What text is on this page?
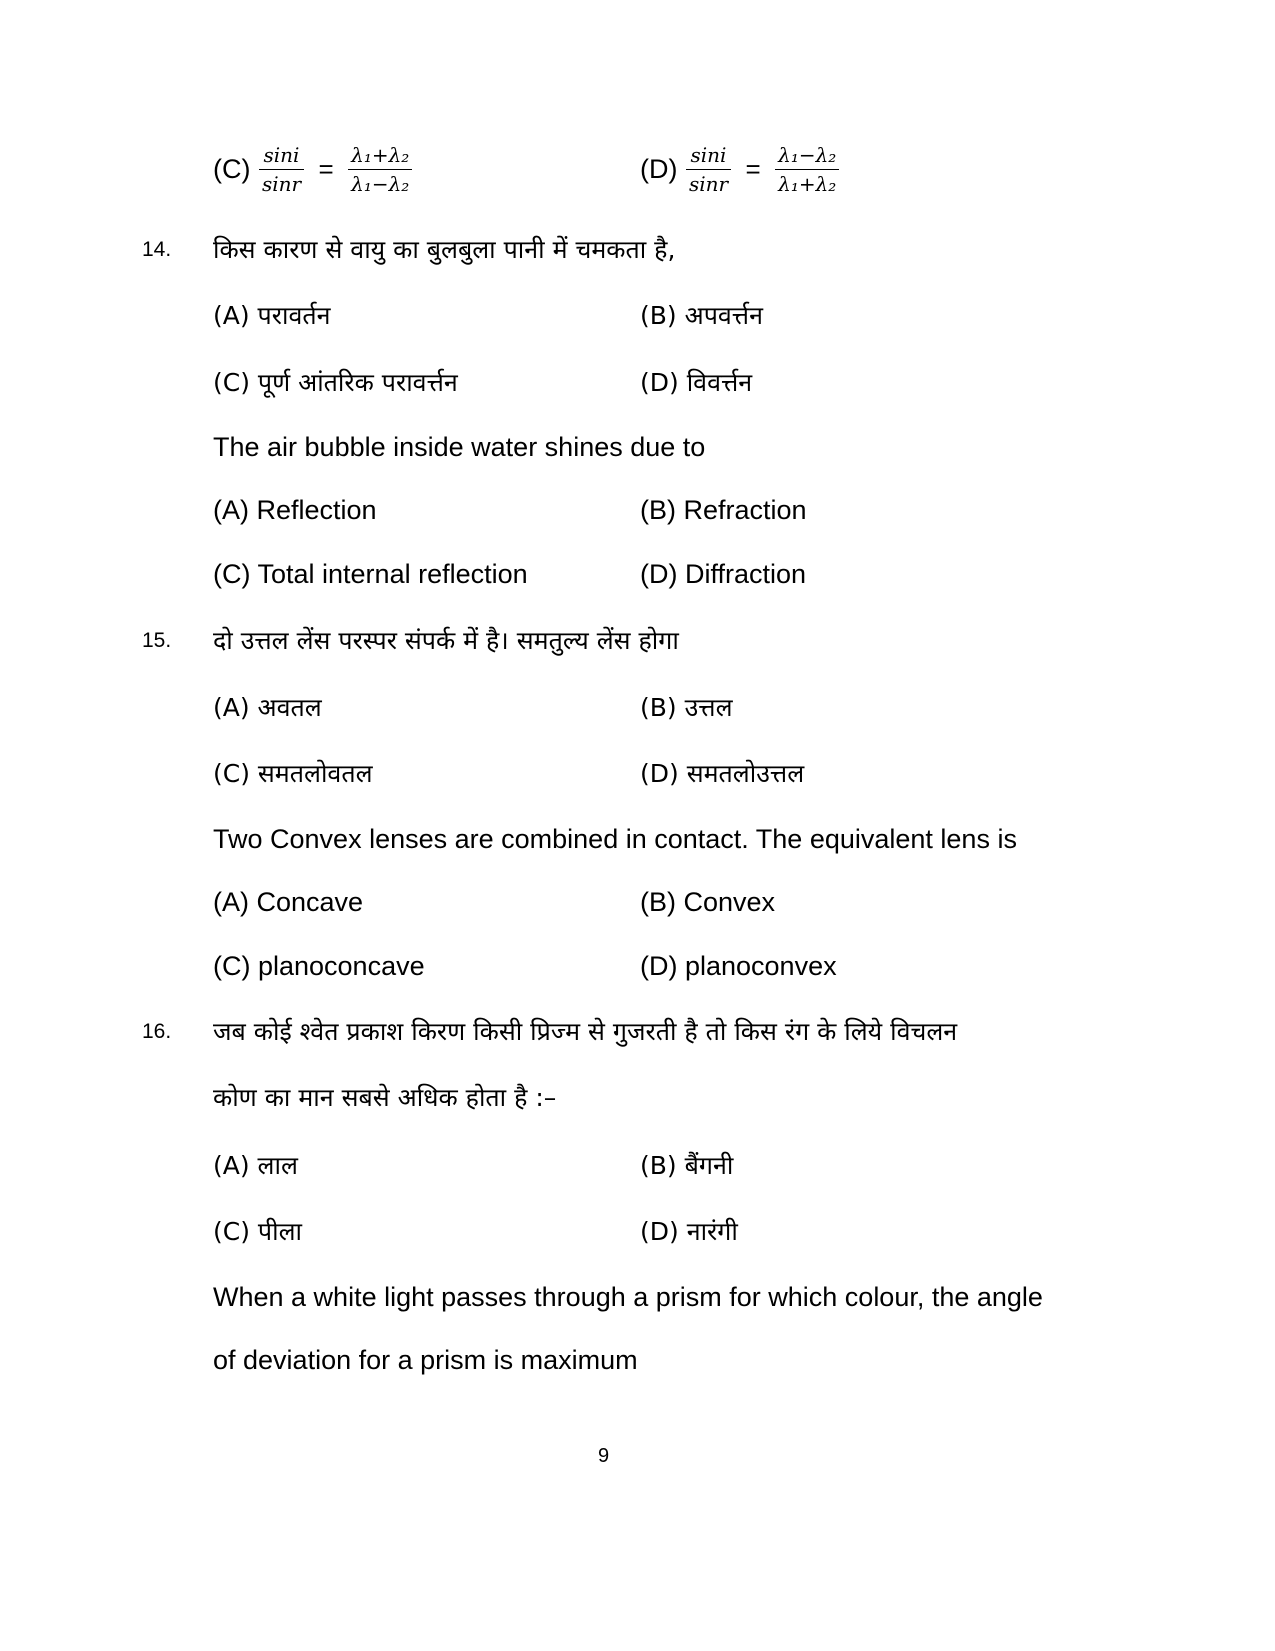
$(C) \frac{\sin i}{\sin r} = \frac{\text{λ₁+λ₂}}{\text{λ₁−λ₂}}$	$(D) \frac{\sin i}{\sin r} = \frac{\text{λ₁−λ₂}}{\text{λ₁+λ₂}}$
14. किस कारण से वायु का बुलबुला पानी में चमकता है,
(A) परावर्तन	(B) अपवर्त्तन
(C) पूर्ण आंतरिक परावर्त्तन	(D) विवर्त्तन
The air bubble inside water shines due to
(A) Reflection	(B) Refraction
(C) Total internal reflection	(D) Diffraction
15. दो उत्तल लेंस परस्पर संपर्क में है। समतुल्य लेंस होगा
(A) अवतल	(B) उत्तल
(C) समतलोवतल	(D) समतलोउत्तल
Two Convex lenses are combined in contact. The equivalent lens is
(A) Concave	(B) Convex
(C) planoconcave	(D) planoconvex
16. जब कोई श्वेत प्रकाश किरण किसी प्रिज्म से गुजरती है तो किस रंग के लिये विचलन
कोण का मान सबसे अधिक होता है :–
(A) लाल	(B) बैंगनी
(C) पीला	(D) नारंगी
When a white light passes through a prism for which colour, the angle
of deviation for a prism is maximum
9
